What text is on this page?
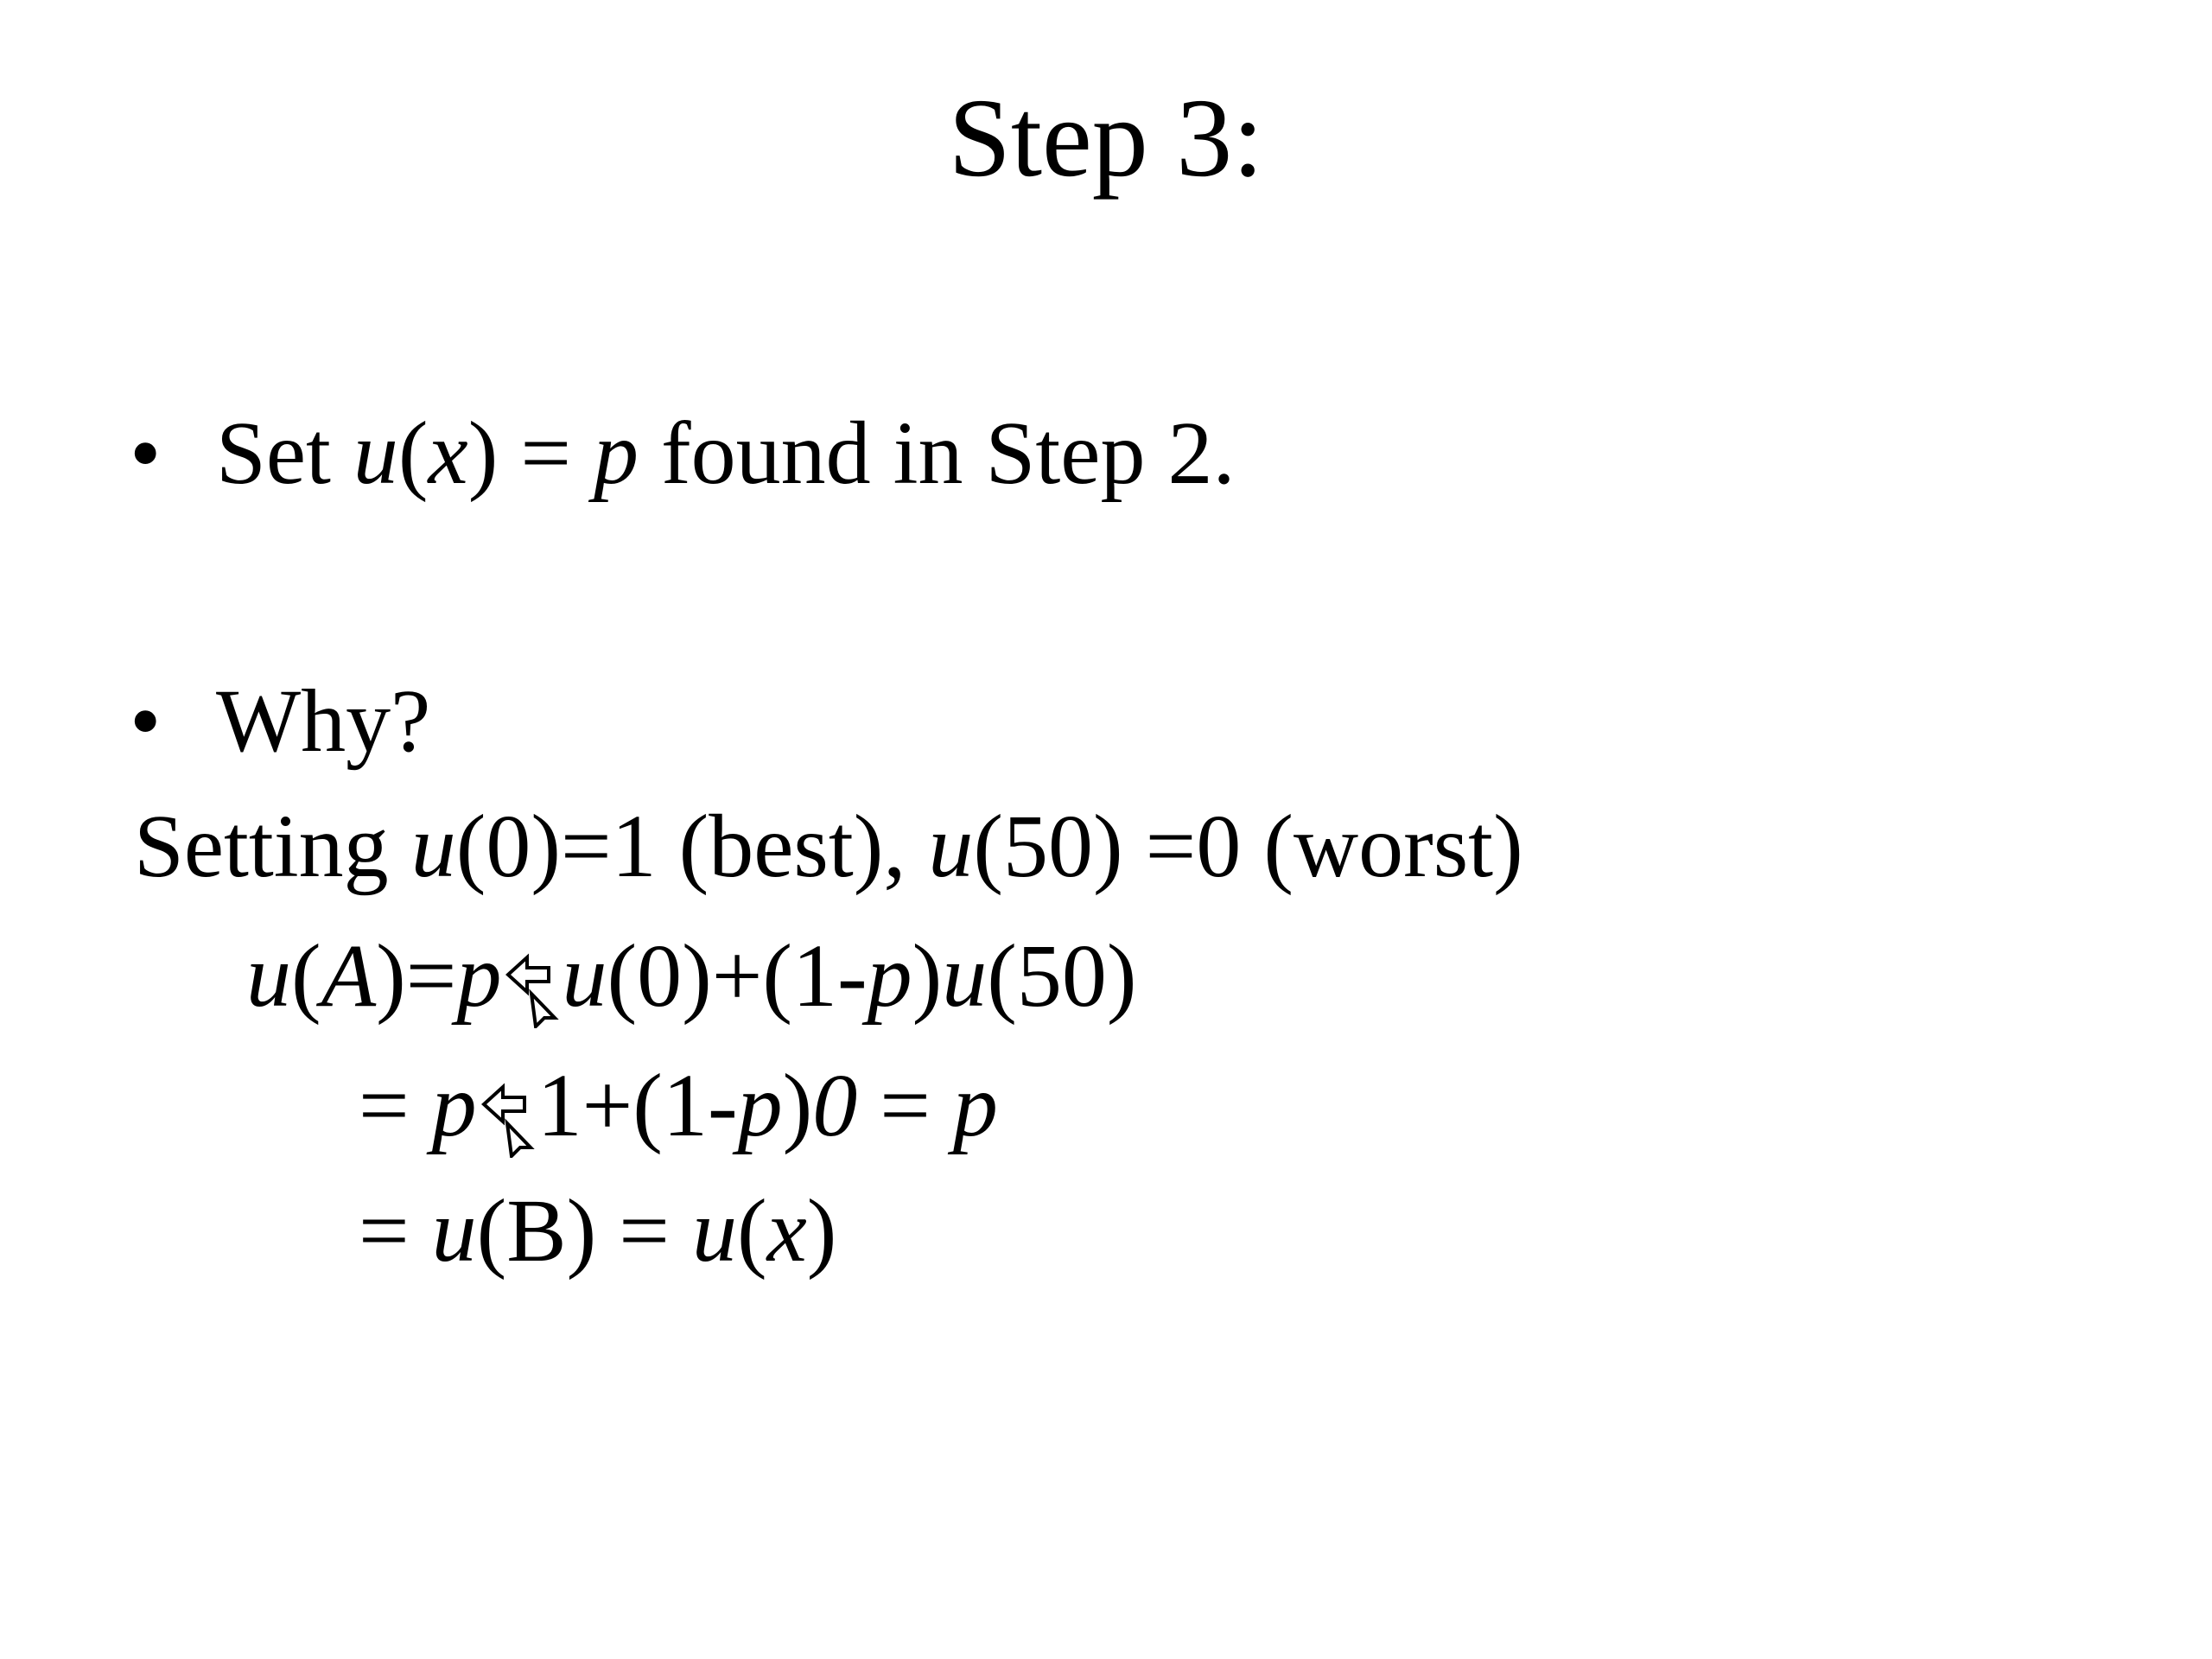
Step 3:
• Set u(x) = p found in Step 2.
• Why?
Setting u(0)=1 (best), u(50) =0 (worst)
u(A)=p u(0)+(1-p)u(50)
= p 1+(1-p)0 = p
= u(B) = u(x)
